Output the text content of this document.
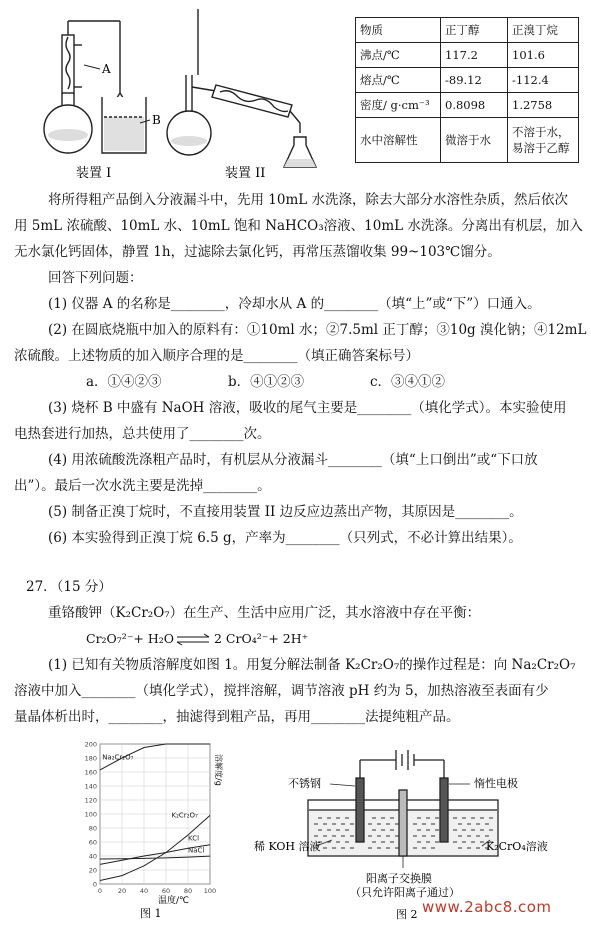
A
B
装置 I	装置 II
物质	正丁醇	正溴丁烷
沸点/℃	117.2	101.6
熔点/℃	-89.12	-112.4
密度/ g·cm⁻³	0.8098	1.2758
水中溶解性	微溶于水	不溶于水，易溶于乙醇
将所得粗产品倒入分液漏斗中，先用 10mL 水洗涤，除去大部分水溶性杂质，然后依次
用 5mL 浓硫酸、10mL 水、10mL 饱和 NaHCO₃溶液、10mL 水洗涤。分离出有机层，加入
无水氯化钙固体，静置 1h，过滤除去氯化钙，再常压蒸馏收集 99~103℃馏分。
回答下列问题：
(1) 仪器 A 的名称是________，冷却水从 A 的________（填“上”或“下”）口通入。
(2) 在圆底烧瓶中加入的原料有：①10ml 水；②7.5ml 正丁醇；③10g 溴化钠；④12mL
浓硫酸。上述物质的加入顺序合理的是________（填正确答案标号）
a．①④②③	b．④①②③	c．③④①②
(3) 烧杯 B 中盛有 NaOH 溶液，吸收的尾气主要是________（填化学式）。本实验使用
电热套进行加热，总共使用了________次。
(4) 用浓硫酸洗涤粗产品时，有机层从分液漏斗________（填“上口倒出”或“下口放
出”）。最后一次水洗主要是洗掉________。
(5) 制备正溴丁烷时，不直接用装置 II 边反应边蒸出产物，其原因是________。
(6) 本实验得到正溴丁烷 6.5 g，产率为________（只列式，不必计算出结果）。
27．（15 分）
重铬酸钾（K₂Cr₂O₇）在生产、生活中应用广泛，其水溶液中存在平衡：
Cr₂O₇²⁻+ H₂O ⇌ 2 CrO₄²⁻+ 2H⁺
(1) 已知有关物质溶解度如图 1。用复分解法制备 K₂Cr₂O₇的操作过程是：向 Na₂Cr₂O₇
溶液中加入________（填化学式），搅拌溶解，调节溶液 pH 约为 5，加热溶液至表面有少
量晶体析出时，________，抽滤得到粗产品，再用________法提纯粗产品。
0
20
40
60
80
100
120
140
160
180
200
0 20 40 60 80 100
Na₂Cr₂O₇
K₂Cr₂O₇
KCl
NaCl
溶解度/g
温度/℃
图 1
不锈钢	惰性电极
稀 KOH 溶液	K₂CrO₄溶液
阳离子交换膜
（只允许阳离子通过）
图 2 www.2abc8.com
